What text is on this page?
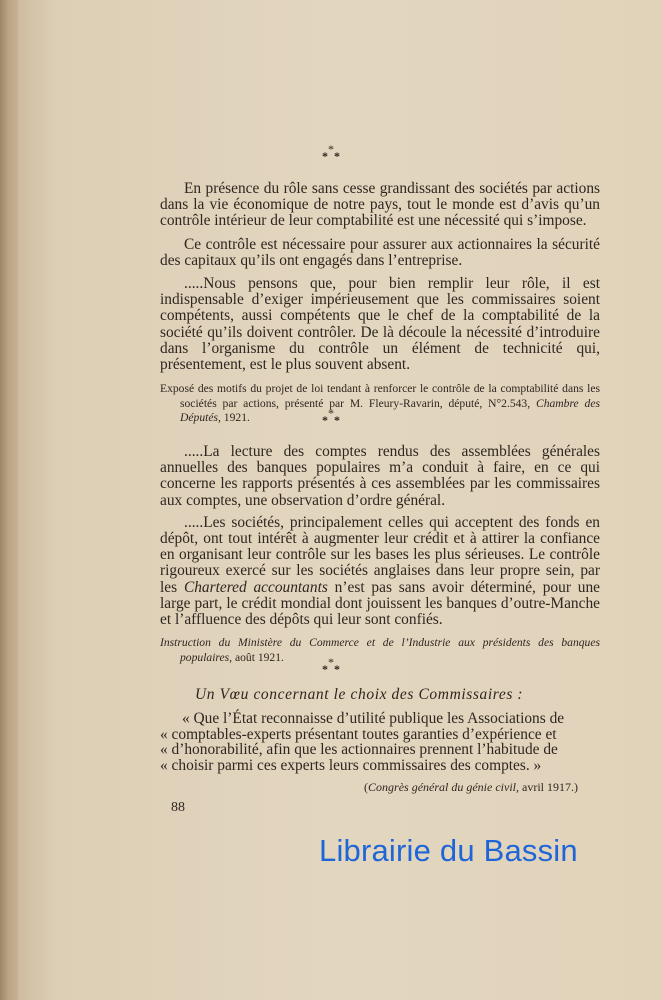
*
* *

En présence du rôle sans cesse grandissant des sociétés par actions dans la vie économique de notre pays, tout le monde est d’avis qu’un contrôle intérieur de leur comptabilité est une nécessité qui s’impose.

Ce contrôle est nécessaire pour assurer aux actionnaires la sécurité des capitaux qu’ils ont engagés dans l’entreprise.

.....Nous pensons que, pour bien remplir leur rôle, il est indispensable d’exiger impérieusement que les commissaires soient compétents, aussi compétents que le chef de la comptabilité de la société qu’ils doivent contrôler. De là découle la nécessité d’introduire dans l’organisme du contrôle un élément de technicité qui, présentement, est le plus souvent absent.

Exposé des motifs du projet de loi tendant à renforcer le contrôle de la comptabilité dans les sociétés par actions, présenté par M. Fleury-Ravarin, député, N°2.543, Chambre des Députés, 1921.	*
* *

.....La lecture des comptes rendus des assemblées générales annuelles des banques populaires m’a conduit à faire, en ce qui concerne les rapports présentés à ces assemblées par les commissaires aux comptes, une observation d’ordre général.

.....Les sociétés, principalement celles qui acceptent des fonds en dépôt, ont tout intérêt à augmenter leur crédit et à attirer la confiance en organisant leur contrôle sur les bases les plus sérieuses. Le contrôle rigoureux exercé sur les sociétés anglaises dans leur propre sein, par les Chartered accountants n’est pas sans avoir déterminé, pour une large part, le crédit mondial dont jouissent les banques d’outre-Manche et l’affluence des dépôts qui leur sont confiés.

Instruction du Ministère du Commerce et de l’Industrie aux présidents des banques populaires, août 1921.	*
* *
Un Vœu concernant le choix des Commissaires :

« Que l’État reconnaisse d’utilité publique les Associations de

« comptables-experts présentant toutes garanties d’expérience et

« d’honorabilité, afin que les actionnaires prennent l’habitude de

« choisir parmi ces experts leurs commissaires des comptes. »

(Congrès général du génie civil, avril 1917.)
88
Librairie du Bassin
